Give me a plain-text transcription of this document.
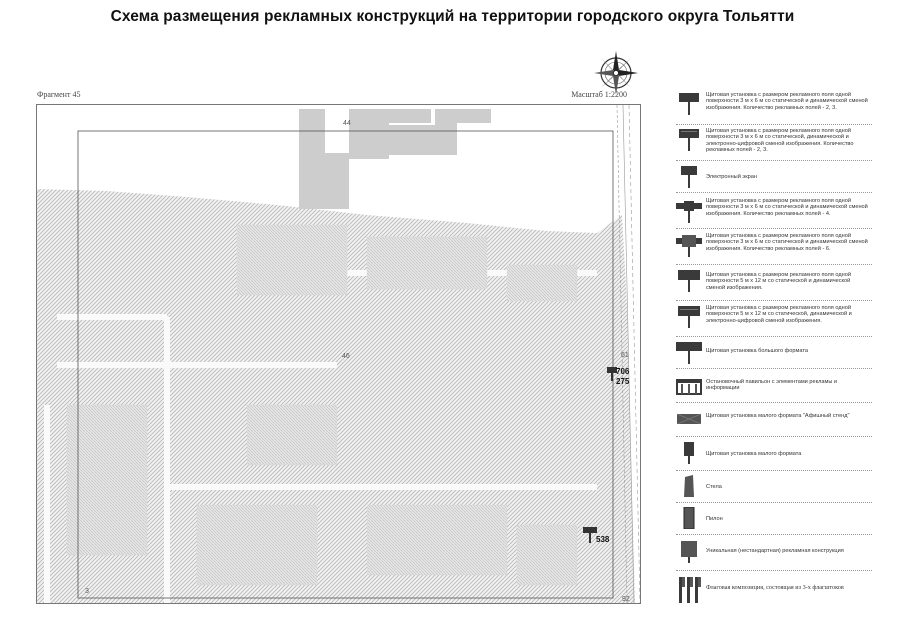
Схема размещения рекламных конструкций на территории городского округа Тольятти
Фрагмент 45	Масштаб 1:2200
44
46	61
3
92
706
275
538
Щитовая установка с размером рекламного поля одной поверхности 3 м х 6 м со статической и динамической сменой изображения. Количество рекламных полей - 2, 3.
Щитовая установка с размером рекламного поля одной поверхности 3 м х 6 м со статической, динамической и электронно-цифровой сменой изображения. Количество рекламных полей - 2, 3.
Электронный экран
Щитовая установка с размером рекламного поля одной поверхности 3 м х 6 м со статической и динамической сменой изображения. Количество рекламных полей - 4.
Щитовая установка с размером рекламного поля одной поверхности 3 м х 6 м со статической и динамической сменой изображения. Количество рекламных полей - 6.
Щитовая установка с размером рекламного поля одной поверхности 5 м х 12 м со статической и динамической сменой изображения.
Щитовая установка с размером рекламного поля одной поверхности 5 м х 12 м со статической, динамической и электронно-цифровой сменой изображения.
Щитовая установка большого формата
Остановочный павильон с элементами рекламы и информации
Щитовая установка малого формата "Афишный стенд"
Щитовая установка малого формата
Стела
Пилон
Уникальная (нестандартная) рекламная конструкция
Флаговая композиция, состоящая из 3-х флагштоков
